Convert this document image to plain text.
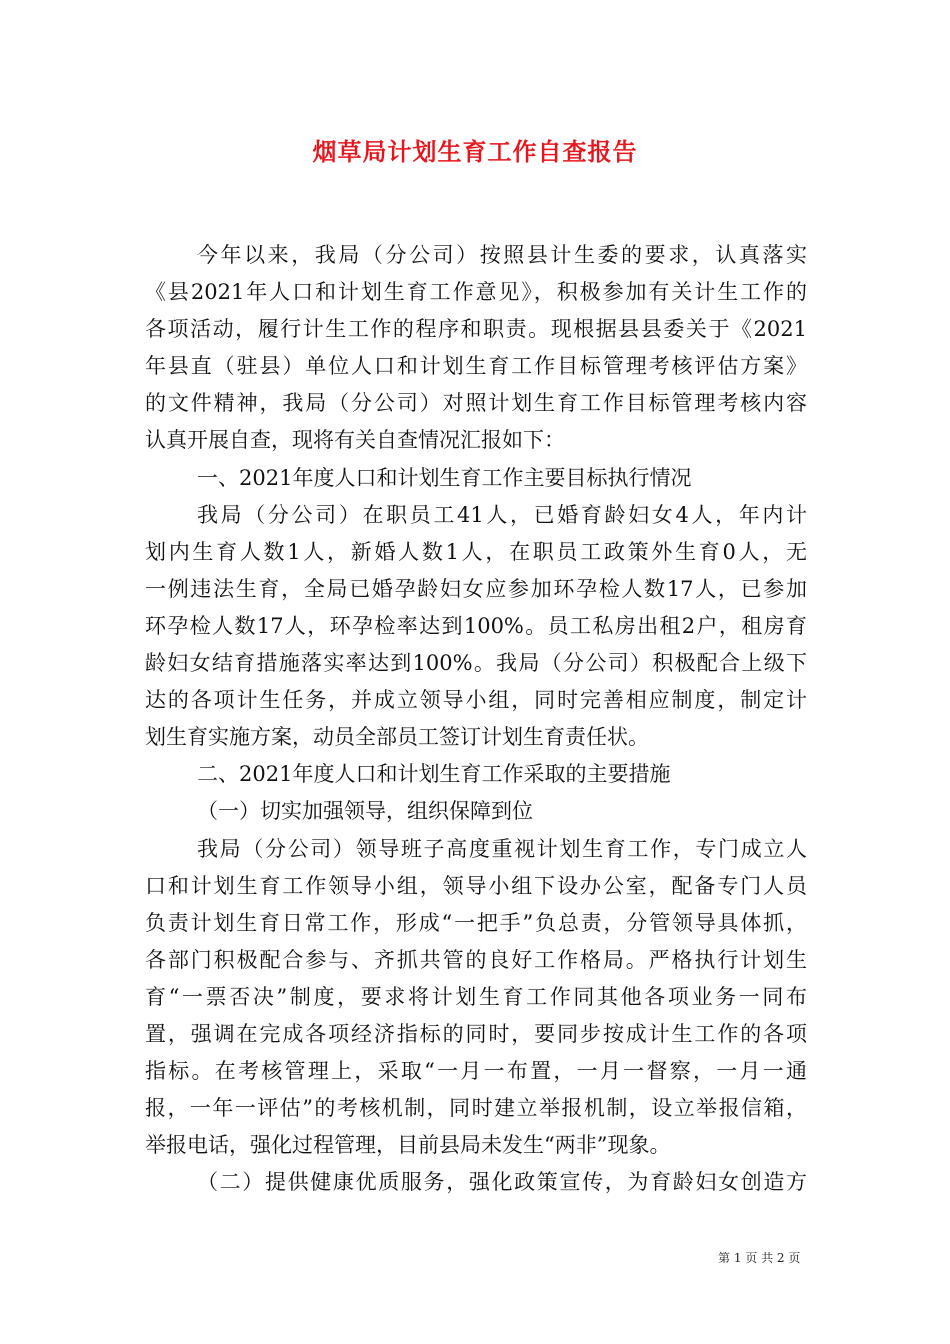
烟草局计划生育工作自查报告
今年以来，我局（分公司）按照县计生委的要求，认真落实
《县2021年人口和计划生育工作意见》，积极参加有关计生工作的
各项活动，履行计生工作的程序和职责。现根据县县委关于《2021
年县直（驻县）单位人口和计划生育工作目标管理考核评估方案》
的文件精神，我局（分公司）对照计划生育工作目标管理考核内容
认真开展自查，现将有关自查情况汇报如下：
一、2021年度人口和计划生育工作主要目标执行情况
我局（分公司）在职员工41人，已婚育龄妇女4人，年内计
划内生育人数1人，新婚人数1人，在职员工政策外生育0人，无
一例违法生育，全局已婚孕龄妇女应参加环孕检人数17人，已参加
环孕检人数17人，环孕检率达到100%。员工私房出租2户，租房育
龄妇女结育措施落实率达到100%。我局（分公司）积极配合上级下
达的各项计生任务，并成立领导小组，同时完善相应制度，制定计
划生育实施方案，动员全部员工签订计划生育责任状。
二、2021年度人口和计划生育工作采取的主要措施
（一）切实加强领导，组织保障到位
我局（分公司）领导班子高度重视计划生育工作，专门成立人
口和计划生育工作领导小组，领导小组下设办公室，配备专门人员
负责计划生育日常工作，形成“一把手”负总责，分管领导具体抓，
各部门积极配合参与、齐抓共管的良好工作格局。严格执行计划生
育“一票否决”制度，要求将计划生育工作同其他各项业务一同布
置，强调在完成各项经济指标的同时，要同步按成计生工作的各项
指标。在考核管理上，采取“一月一布置，一月一督察，一月一通
报，一年一评估”的考核机制，同时建立举报机制，设立举报信箱，
举报电话，强化过程管理，目前县局未发生“两非”现象。
（二）提供健康优质服务，强化政策宣传，为育龄妇女创造方
第 1 页 共 2 页
